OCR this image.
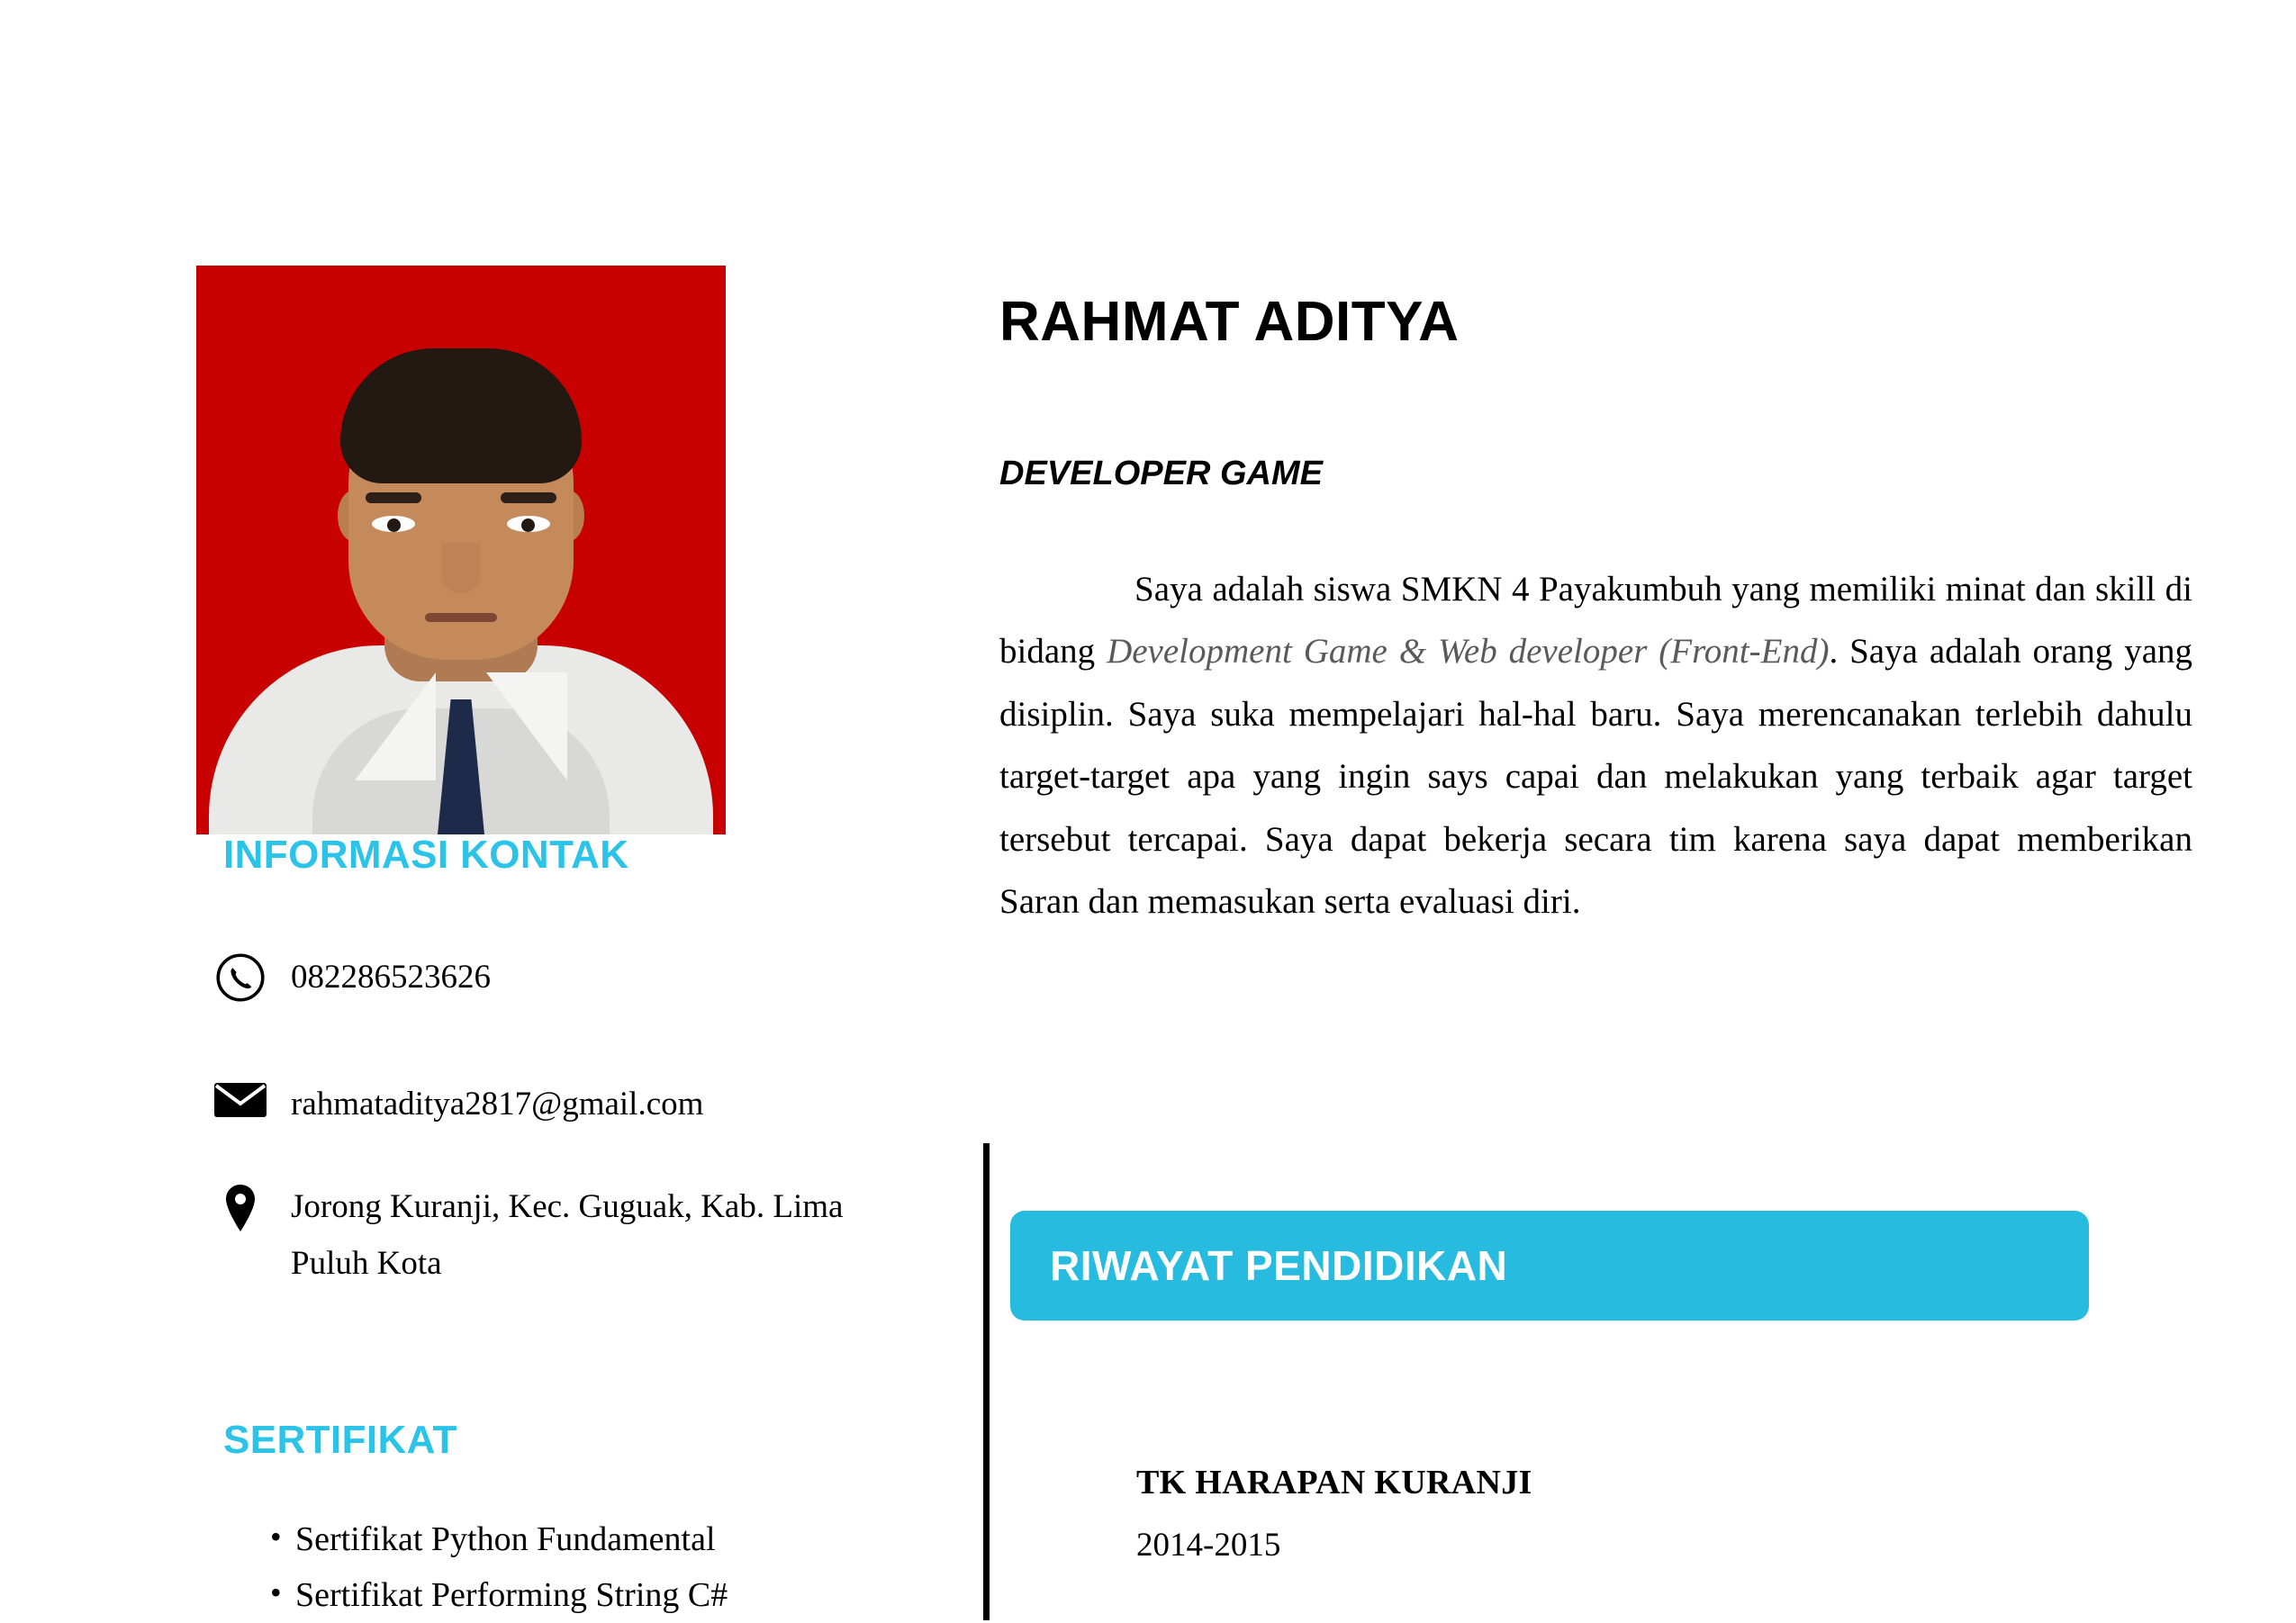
INFORMASI KONTAK
082286523626
rahmataditya2817@gmail.com
Jorong Kuranji, Kec. Guguak, Kab. Lima Puluh Kota
SERTIFIKAT
• Sertifikat Python Fundamental
• Sertifikat Performing String C#
RAHMAT ADITYA
DEVELOPER GAME
Saya adalah siswa SMKN 4 Payakumbuh yang memiliki minat dan skill di bidang Development Game & Web developer (Front-End). Saya adalah orang yang disiplin. Saya suka mempelajari hal-hal baru. Saya merencanakan terlebih dahulu target-target apa yang ingin says capai dan melakukan yang terbaik agar target tersebut tercapai. Saya dapat bekerja secara tim karena saya dapat memberikan Saran dan memasukan serta evaluasi diri.
RIWAYAT PENDIDIKAN
TK HARAPAN KURANJI
2014-2015
